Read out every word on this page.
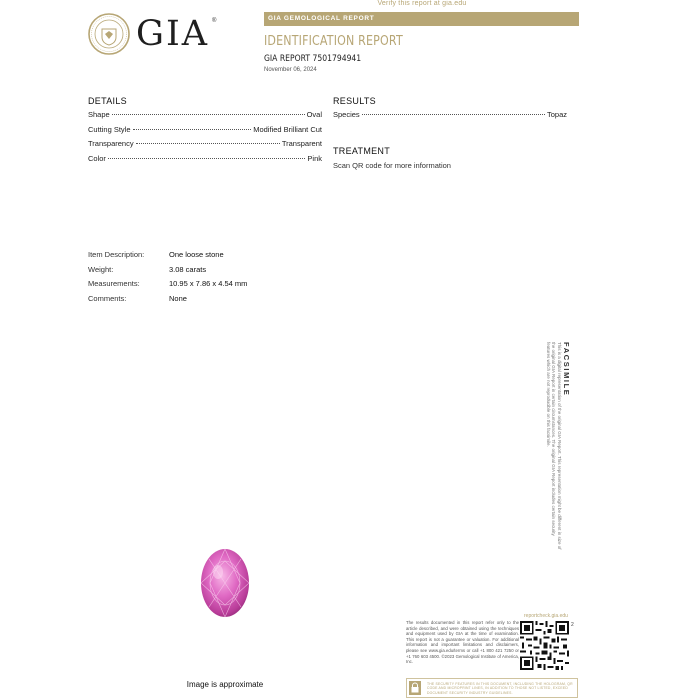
Verify this report at gia.edu
GIA ®	GIA GEMOLOGICAL REPORT
IDENTIFICATION REPORT
GIA REPORT 7501794941
November 06, 2024
DETAILS
Shape	Oval
Cutting Style	Modified Brilliant Cut
Transparency	Transparent
Color	Pink
RESULTS
Species	Topaz
TREATMENT
Scan QR code for more information
Item Description:	One loose stone
Weight:	3.08 carats
Measurements:	10.95 x 7.86 x 4.54 mm
Comments:	None
FACSIMILE
This is a digital representation of the original GIA Report. This representation might be different in size of the original GIA Report in certain circumstances. The original GIA Report includes certain security features which are not reproducible on this facsimile.
Image is approximate
reportcheck.gia.edu
The results documented in this report refer only to the article described, and were obtained using the techniques and equipment used by GIA at the time of examination. This report is not a guarantee or valuation. For additional information and important limitations and disclaimers, please see www.gia.edu/terms or call +1 800 421 7250 or +1 760 603 4500. ©2023 Gemological Institute of America, Inc.
2
THE SECURITY FEATURES IN THIS DOCUMENT, INCLUDING THE HOLOGRAM, QR CODE AND MICROPRINT LINES, IN ADDITION TO THOSE NOT LISTED, EXCEED DOCUMENT SECURITY INDUSTRY GUIDELINES.
